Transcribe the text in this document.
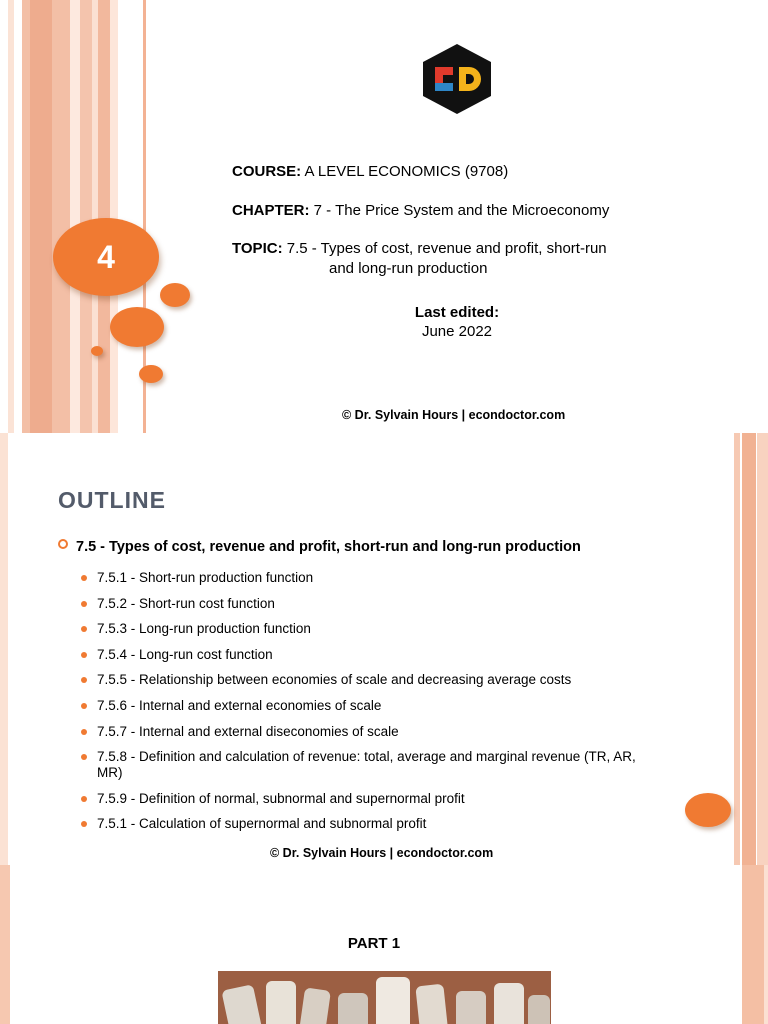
COURSE: A LEVEL ECONOMICS (9708)
CHAPTER: 7 - The Price System and the Microeconomy
TOPIC: 7.5 - Types of cost, revenue and profit, short-run
and long-run production
Last edited:
June 2022
© Dr. Sylvain Hours | econdoctor.com
4
OUTLINE
7.5 - Types of cost, revenue and profit, short-run and long-run production
7.5.1 - Short-run production function
7.5.2 - Short-run cost function
7.5.3 - Long-run production function
7.5.4 - Long-run cost function
7.5.5 - Relationship between economies of scale and decreasing average costs
7.5.6 - Internal and external economies of scale
7.5.7 - Internal and external diseconomies of scale
7.5.8 - Definition and calculation of revenue: total, average and marginal revenue (TR, AR, MR)
7.5.9 - Definition of normal, subnormal and supernormal profit
7.5.1 - Calculation of supernormal and subnormal profit
© Dr. Sylvain Hours | econdoctor.com
PART 1
